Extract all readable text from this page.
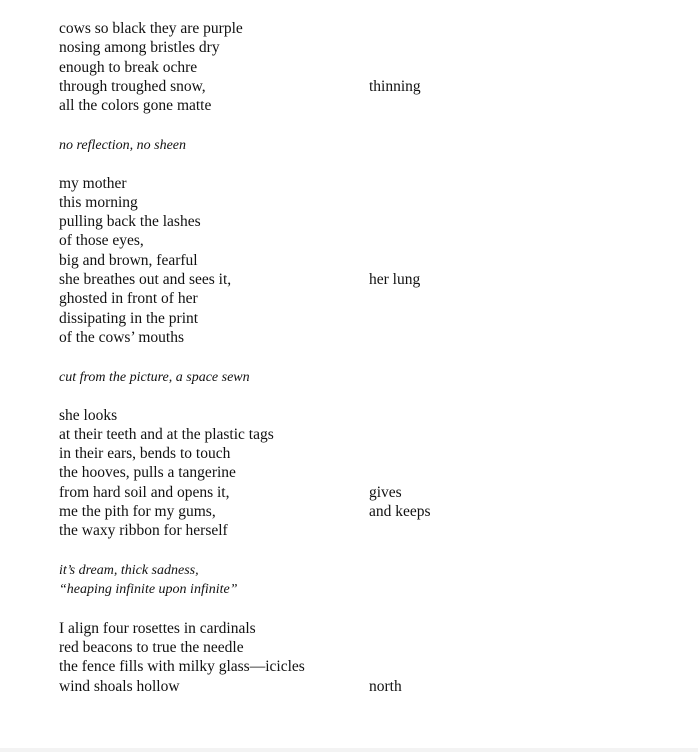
cows so black they are purple
nosing among bristles dry
enough to break ochre
through troughed snow,
all the colors gone matte
no reflection, no sheen
my mother
this morning
pulling back the lashes
of those eyes,
big and brown, fearful
she breathes out and sees it,
ghosted in front of her
dissipating in the print
of the cows’ mouths
cut from the picture, a space sewn
she looks
at their teeth and at the plastic tags
in their ears, bends to touch
the hooves, pulls a tangerine
from hard soil and opens it,
me the pith for my gums,
the waxy ribbon for herself
it’s dream, thick sadness,
“heaping infinite upon infinite”
I align four rosettes in cardinals
red beacons to true the needle
the fence fills with milky glass—icicles
wind shoals hollow
thinning
her lung
gives
and keeps
north
